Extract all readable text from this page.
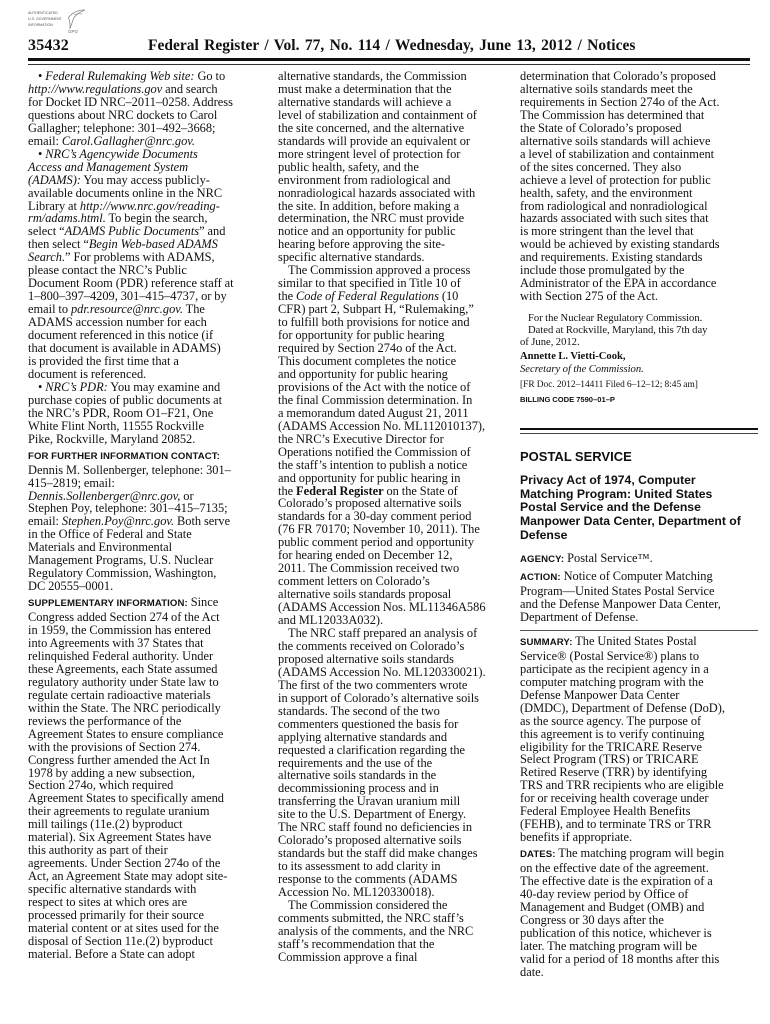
AUTHENTICATED
U.S. GOVERNMENT
INFORMATION
GPO
35432	Federal Register / Vol. 77, No. 114 / Wednesday, June 13, 2012 / Notices

• Federal Rulemaking Web site: Go to
http://www.regulations.gov and search
for Docket ID NRC–2011–0258. Address
questions about NRC dockets to Carol
Gallagher; telephone: 301–492–3668;
email: Carol.Gallagher@nrc.gov.

• NRC’s Agencywide Documents
Access and Management System
(ADAMS): You may access publicly-
available documents online in the NRC
Library at http://www.nrc.gov/reading-
rm/adams.html. To begin the search,
select “ADAMS Public Documents” and
then select “Begin Web-based ADAMS
Search.” For problems with ADAMS,
please contact the NRC’s Public
Document Room (PDR) reference staff at
1–800–397–4209, 301–415–4737, or by
email to pdr.resource@nrc.gov. The
ADAMS accession number for each
document referenced in this notice (if
that document is available in ADAMS)
is provided the first time that a
document is referenced.

• NRC’s PDR: You may examine and
purchase copies of public documents at
the NRC’s PDR, Room O1–F21, One
White Flint North, 11555 Rockville
Pike, Rockville, Maryland 20852.

FOR FURTHER INFORMATION CONTACT:
Dennis M. Sollenberger, telephone: 301–
415–2819; email:
Dennis.Sollenberger@nrc.gov, or
Stephen Poy, telephone: 301–415–7135;
email: Stephen.Poy@nrc.gov. Both serve
in the Office of Federal and State
Materials and Environmental
Management Programs, U.S. Nuclear
Regulatory Commission, Washington,
DC 20555–0001.

SUPPLEMENTARY INFORMATION: Since
Congress added Section 274 of the Act
in 1959, the Commission has entered
into Agreements with 37 States that
relinquished Federal authority. Under
these Agreements, each State assumed
regulatory authority under State law to
regulate certain radioactive materials
within the State. The NRC periodically
reviews the performance of the
Agreement States to ensure compliance
with the provisions of Section 274.
Congress further amended the Act In
1978 by adding a new subsection,
Section 274o, which required
Agreement States to specifically amend
their agreements to regulate uranium
mill tailings (11e.(2) byproduct
material). Six Agreement States have
this authority as part of their
agreements. Under Section 274o of the
Act, an Agreement State may adopt site-
specific alternative standards with
respect to sites at which ores are
processed primarily for their source
material content or at sites used for the
disposal of Section 11e.(2) byproduct
material. Before a State can adopt

alternative standards, the Commission
must make a determination that the
alternative standards will achieve a
level of stabilization and containment of
the site concerned, and the alternative
standards will provide an equivalent or
more stringent level of protection for
public health, safety, and the
environment from radiological and
nonradiological hazards associated with
the site. In addition, before making a
determination, the NRC must provide
notice and an opportunity for public
hearing before approving the site-
specific alternative standards.

The Commission approved a process
similar to that specified in Title 10 of
the Code of Federal Regulations (10
CFR) part 2, Subpart H, “Rulemaking,”
to fulfill both provisions for notice and
for opportunity for public hearing
required by Section 274o of the Act.
This document completes the notice
and opportunity for public hearing
provisions of the Act with the notice of
the final Commission determination. In
a memorandum dated August 21, 2011
(ADAMS Accession No. ML112010137),
the NRC’s Executive Director for
Operations notified the Commission of
the staff’s intention to publish a notice
and opportunity for public hearing in
the Federal Register on the State of
Colorado’s proposed alternative soils
standards for a 30-day comment period
(76 FR 70170; November 10, 2011). The
public comment period and opportunity
for hearing ended on December 12,
2011. The Commission received two
comment letters on Colorado’s
alternative soils standards proposal
(ADAMS Accession Nos. ML11346A586
and ML12033A032).

The NRC staff prepared an analysis of
the comments received on Colorado’s
proposed alternative soils standards
(ADAMS Accession No. ML120330021).
The first of the two commenters wrote
in support of Colorado’s alternative soils
standards. The second of the two
commenters questioned the basis for
applying alternative standards and
requested a clarification regarding the
requirements and the use of the
alternative soils standards in the
decommissioning process and in
transferring the Uravan uranium mill
site to the U.S. Department of Energy.
The NRC staff found no deficiencies in
Colorado’s proposed alternative soils
standards but the staff did make changes
to its assessment to add clarity in
response to the comments (ADAMS
Accession No. ML120330018).

The Commission considered the
comments submitted, the NRC staff’s
analysis of the comments, and the NRC
staff’s recommendation that the
Commission approve a final

determination that Colorado’s proposed
alternative soils standards meet the
requirements in Section 274o of the Act.
The Commission has determined that
the State of Colorado’s proposed
alternative soils standards will achieve
a level of stabilization and containment
of the sites concerned. They also
achieve a level of protection for public
health, safety, and the environment
from radiological and nonradiological
hazards associated with such sites that
is more stringent than the level that
would be achieved by existing standards
and requirements. Existing standards
include those promulgated by the
Administrator of the EPA in accordance
with Section 275 of the Act.

For the Nuclear Regulatory Commission.

Dated at Rockville, Maryland, this 7th day
of June, 2012.

Annette L. Vietti-Cook,

Secretary of the Commission.

[FR Doc. 2012–14411 Filed 6–12–12; 8:45 am]

BILLING CODE 7590–01–P

POSTAL SERVICE

Privacy Act of 1974, Computer
Matching Program: United States
Postal Service and the Defense
Manpower Data Center, Department of
Defense

AGENCY: Postal Service™.

ACTION: Notice of Computer Matching
Program—United States Postal Service
and the Defense Manpower Data Center,
Department of Defense.

SUMMARY: The United States Postal
Service® (Postal Service®) plans to
participate as the recipient agency in a
computer matching program with the
Defense Manpower Data Center
(DMDC), Department of Defense (DoD),
as the source agency. The purpose of
this agreement is to verify continuing
eligibility for the TRICARE Reserve
Select Program (TRS) or TRICARE
Retired Reserve (TRR) by identifying
TRS and TRR recipients who are eligible
for or receiving health coverage under
Federal Employee Health Benefits
(FEHB), and to terminate TRS or TRR
benefits if appropriate.

DATES: The matching program will begin
on the effective date of the agreement.
The effective date is the expiration of a
40-day review period by Office of
Management and Budget (OMB) and
Congress or 30 days after the
publication of this notice, whichever is
later. The matching program will be
valid for a period of 18 months after this
date.
